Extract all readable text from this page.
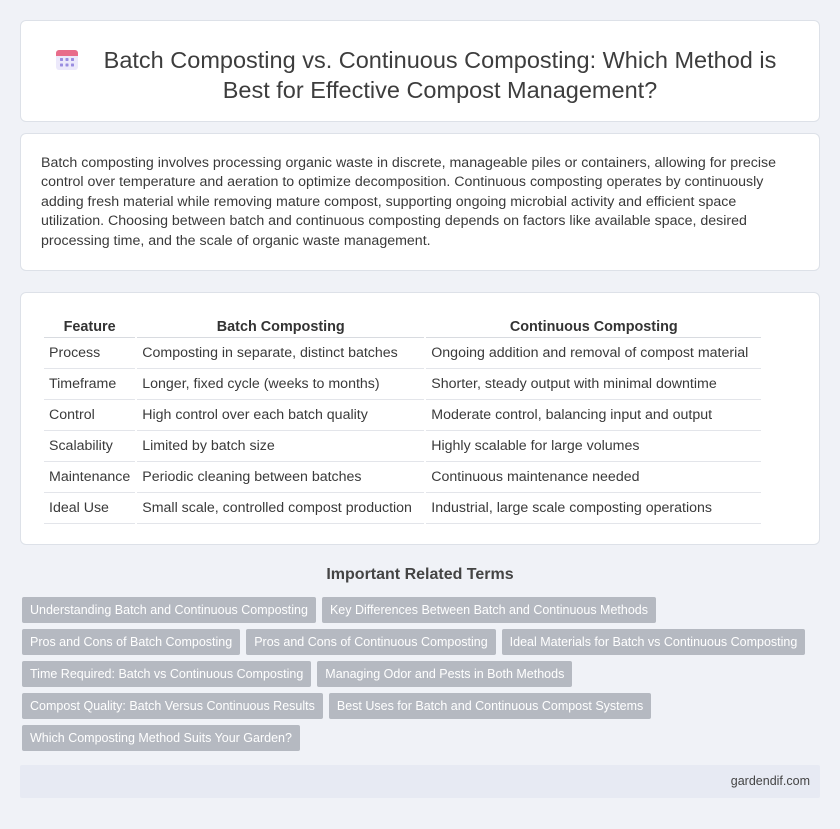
Batch Composting vs. Continuous Composting: Which Method is Best for Effective Compost Management?

Batch composting involves processing organic waste in discrete, manageable piles or containers, allowing for precise control over temperature and aeration to optimize decomposition. Continuous composting operates by continuously adding fresh material while removing mature compost, supporting ongoing microbial activity and efficient space utilization. Choosing between batch and continuous composting depends on factors like available space, desired processing time, and the scale of organic waste management.

Feature	Batch Composting	Continuous Composting
Process	Composting in separate, distinct batches	Ongoing addition and removal of compost material
Timeframe	Longer, fixed cycle (weeks to months)	Shorter, steady output with minimal downtime
Control	High control over each batch quality	Moderate control, balancing input and output
Scalability	Limited by batch size	Highly scalable for large volumes
Maintenance	Periodic cleaning between batches	Continuous maintenance needed
Ideal Use	Small scale, controlled compost production	Industrial, large scale composting operations
Important Related Terms
Understanding Batch and Continuous Composting	Key Differences Between Batch and Continuous Methods
Pros and Cons of Batch Composting	Pros and Cons of Continuous Composting	Ideal Materials for Batch vs Continuous Composting
Time Required: Batch vs Continuous Composting	Managing Odor and Pests in Both Methods
Compost Quality: Batch Versus Continuous Results	Best Uses for Batch and Continuous Compost Systems
Which Composting Method Suits Your Garden?
gardendif.com
